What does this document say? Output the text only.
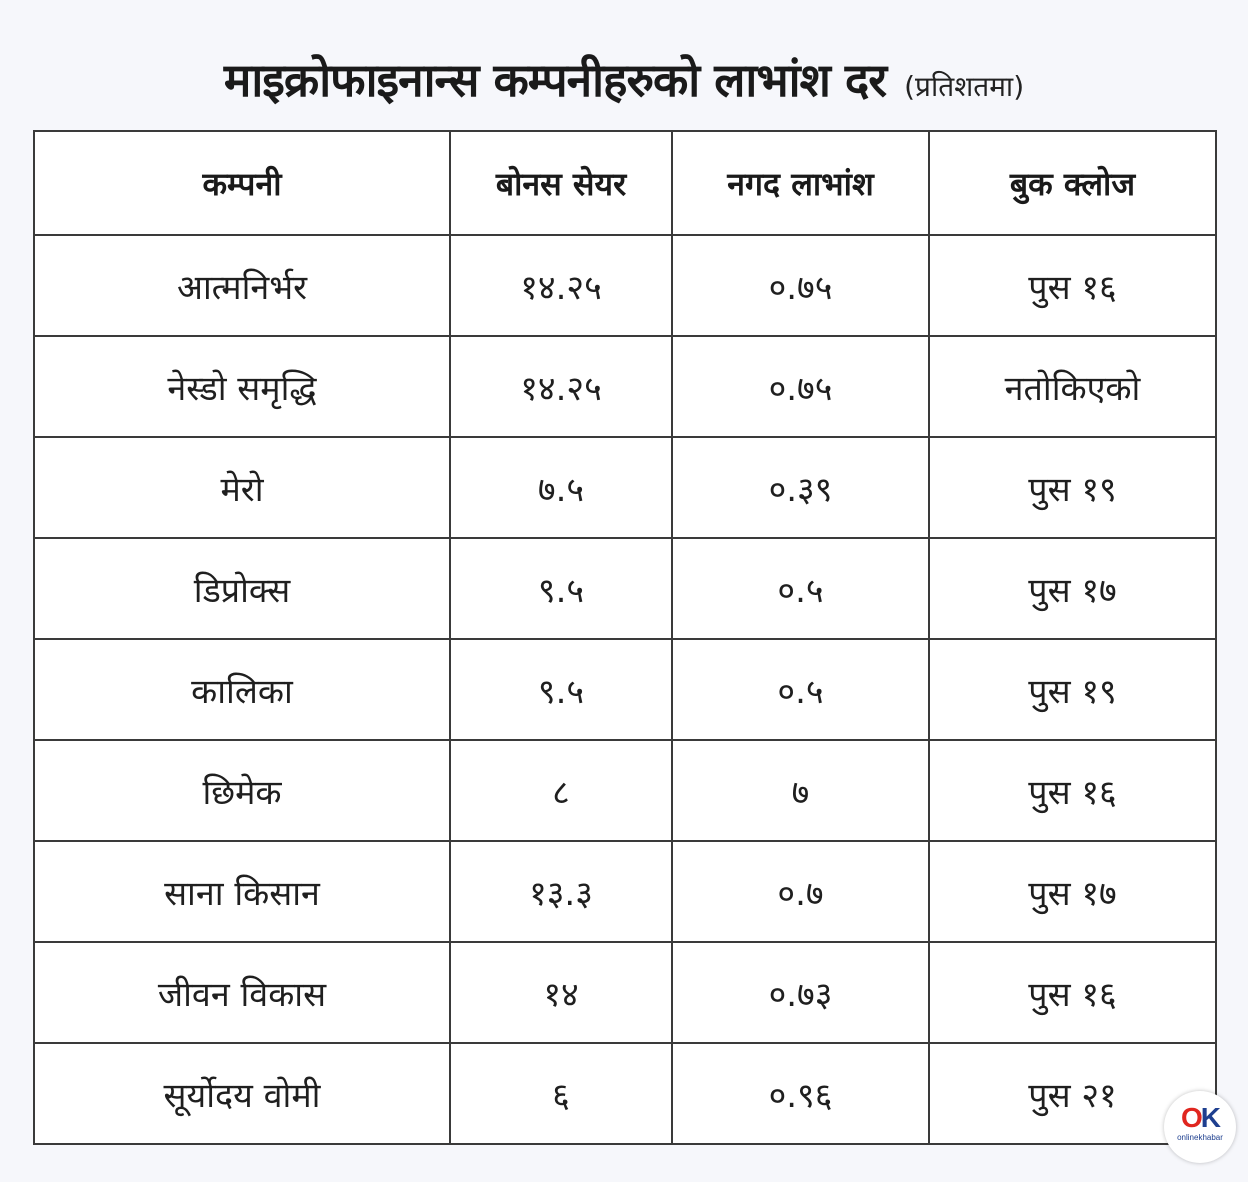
माइक्रोफाइनान्स कम्पनीहरुको लाभांश दर (प्रतिशतमा)
कम्पनी	बोनस सेयर	नगद लाभांश	बुक क्लोज
आत्मनिर्भर	१४.२५	०.७५	पुस १६
नेस्डो समृद्धि	१४.२५	०.७५	नतोकिएको
मेरो	७.५	०.३९	पुस १९
डिप्रोक्स	९.५	०.५	पुस १७
कालिका	९.५	०.५	पुस १९
छिमेक	८	७	पुस १६
साना किसान	१३.३	०.७	पुस १७
जीवन विकास	१४	०.७३	पुस १६
सूर्योदय वोमी	६	०.९६	पुस २१
OK
onlinekhabar
